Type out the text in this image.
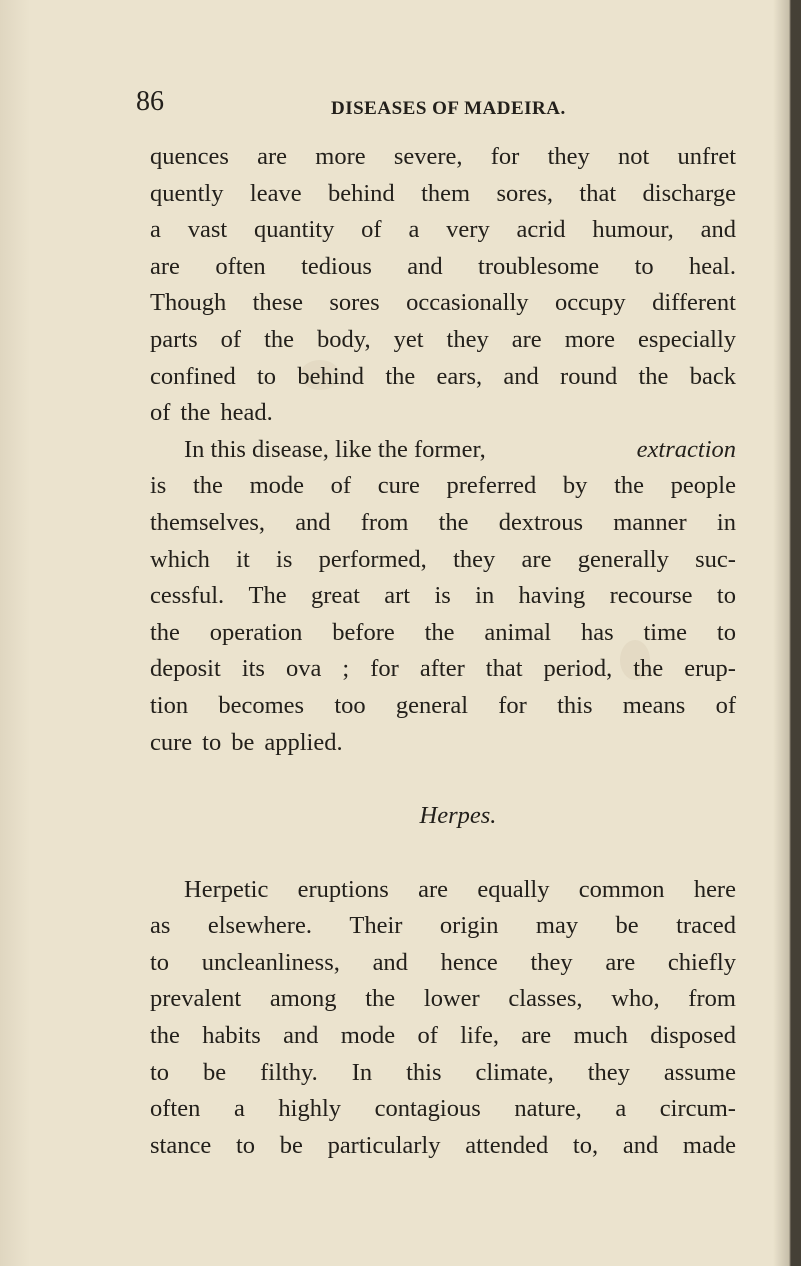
86	DISEASES OF MADEIRA.
quences are more severe, for they not unfret
quently leave behind them sores, that discharge
a vast quantity of a very acrid humour, and
are often tedious and troublesome to heal.
Though these sores occasionally occupy different
parts of the body, yet they are more especially
confined to behind the ears, and round the back
of the head.
In this disease, like the former,	extraction
is the mode of cure preferred by the people
themselves, and from the dextrous manner in
which it is performed, they are generally suc-
cessful. The great art is in having recourse to
the operation before the animal has time to
deposit its ova ; for after that period, the erup-
tion becomes too general for this means of
cure to be applied.
Herpes.
Herpetic eruptions are equally common here
as elsewhere. Their origin may be traced
to uncleanliness, and hence they are chiefly
prevalent among the lower classes, who, from
the habits and mode of life, are much disposed
to be filthy. In this climate, they assume
often a highly contagious nature, a circum-
stance to be particularly attended to, and made
